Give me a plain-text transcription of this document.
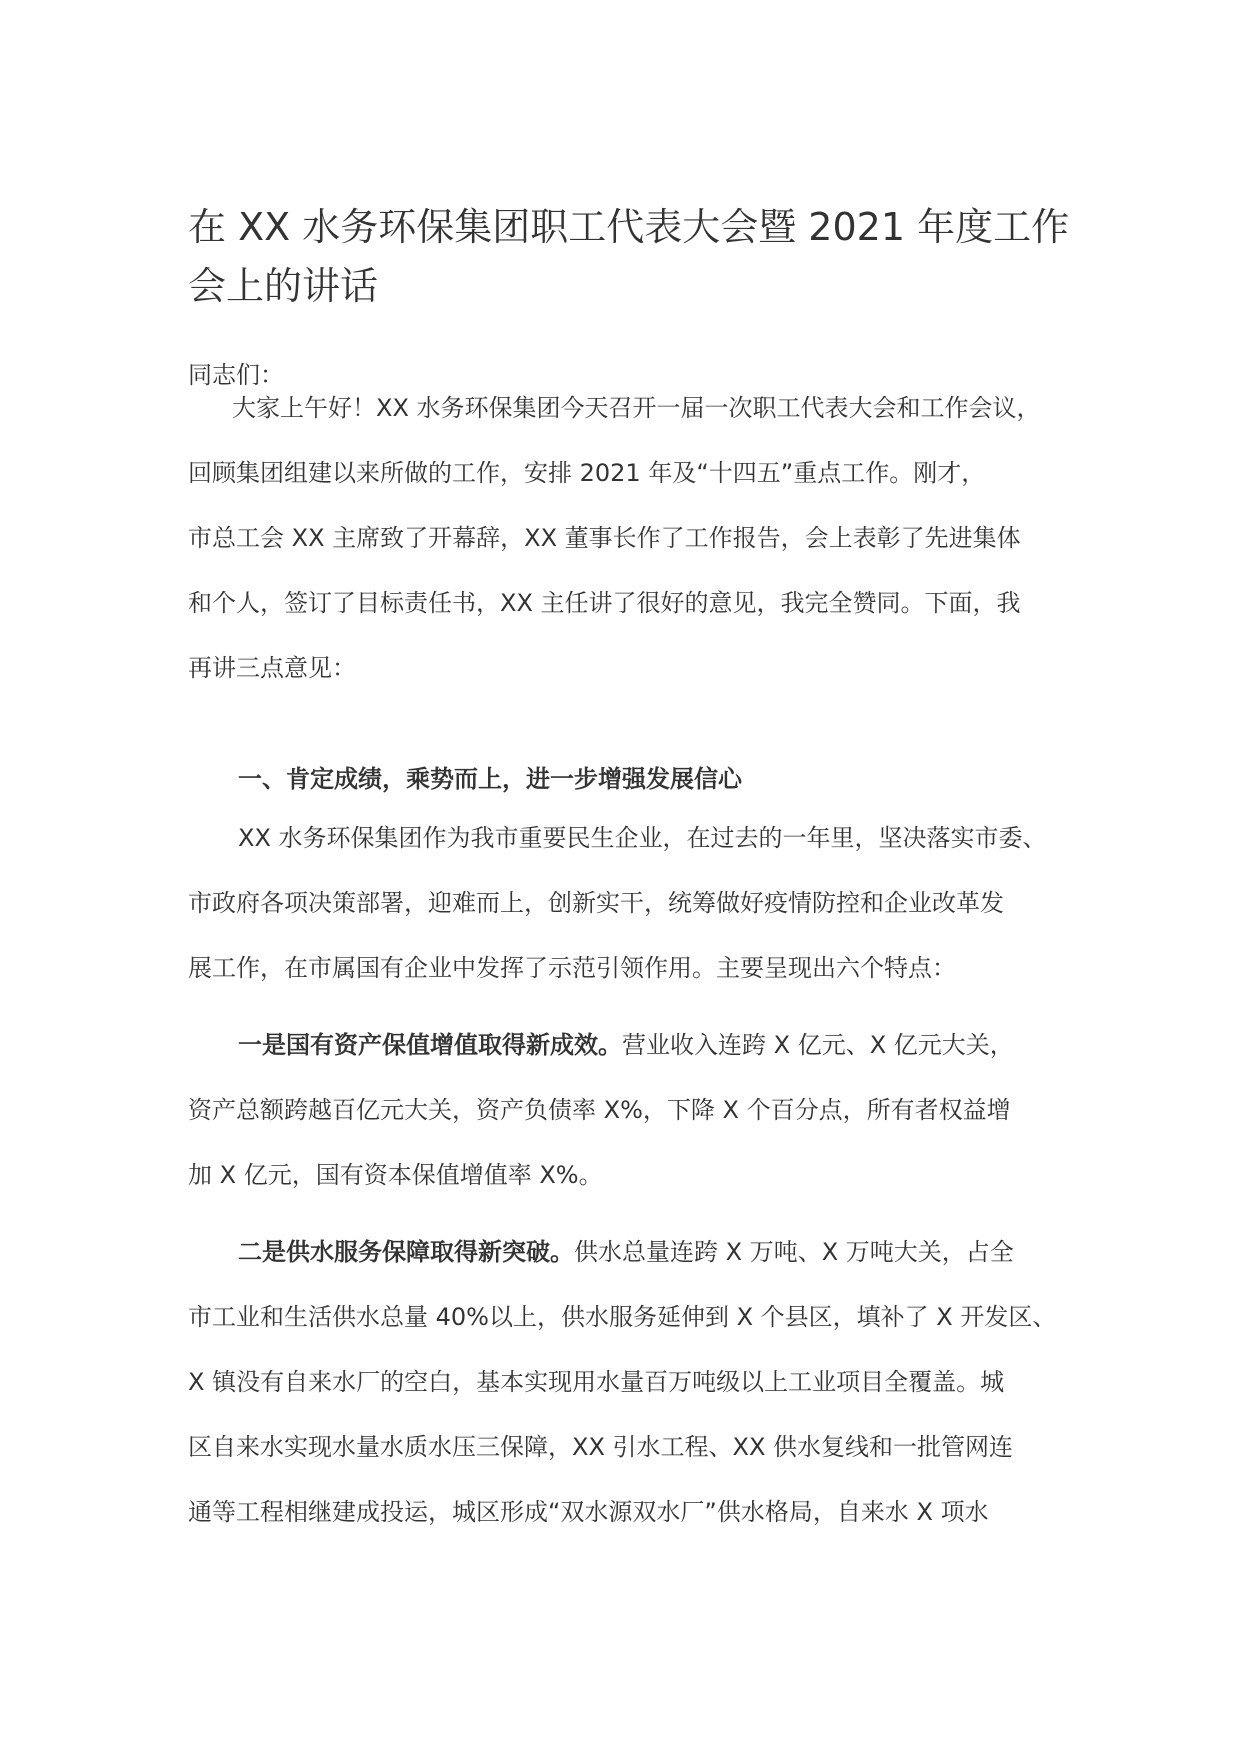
在 XX 水务环保集团职工代表大会暨 2021 年度工作
会上的讲话

同志们：

大家上午好！XX 水务环保集团今天召开一届一次职工代表大会和工作会议，
回顾集团组建以来所做的工作，安排 2021 年及“十四五”重点工作。刚才，
市总工会 XX 主席致了开幕辞，XX 董事长作了工作报告，会上表彰了先进集体
和个人，签订了目标责任书，XX 主任讲了很好的意见，我完全赞同。下面，我
再讲三点意见：

一、肯定成绩，乘势而上，进一步增强发展信心

XX 水务环保集团作为我市重要民生企业，在过去的一年里，坚决落实市委、
市政府各项决策部署，迎难而上，创新实干，统筹做好疫情防控和企业改革发
展工作，在市属国有企业中发挥了示范引领作用。主要呈现出六个特点：
一是国有资产保值增值取得新成效。营业收入连跨 X 亿元、X 亿元大关，
资产总额跨越百亿元大关，资产负债率 X%，下降 X 个百分点，所有者权益增
加 X 亿元，国有资本保值增值率 X%。
二是供水服务保障取得新突破。供水总量连跨 X 万吨、X 万吨大关，占全
市工业和生活供水总量 40%以上，供水服务延伸到 X 个县区，填补了 X 开发区、
X 镇没有自来水厂的空白，基本实现用水量百万吨级以上工业项目全覆盖。城
区自来水实现水量水质水压三保障，XX 引水工程、XX 供水复线和一批管网连
通等工程相继建成投运，城区形成“双水源双水厂”供水格局，自来水 X 项水
